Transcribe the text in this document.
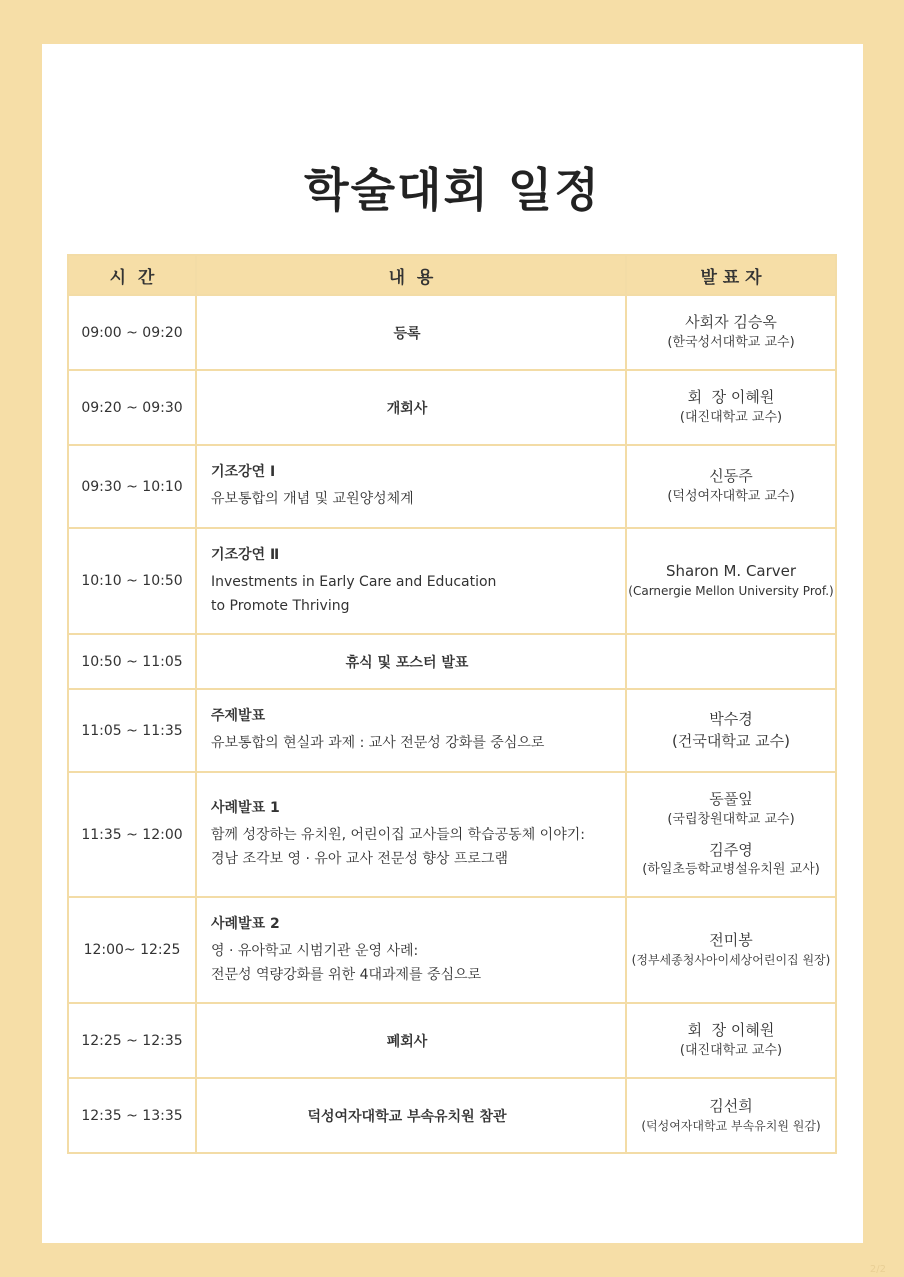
학술대회 일정
시  간	내  용	발 표 자
09:00 ~ 09:20	등록	사회자 김승옥
(한국성서대학교 교수)

09:20 ~ 09:30	개회사	회  장 이혜원
(대진대학교 교수)

09:30 ~ 10:10	기조강연 Ⅰ
유보통합의 개념 및 교원양성체계	신동주
(덕성여자대학교 교수)

10:10 ~ 10:50	기조강연 Ⅱ
Investments in Early Care and Education
to Promote Thriving	Sharon M. Carver
(Carnergie Mellon University Prof.)

10:50 ~ 11:05	휴식 및 포스터 발표	
11:05 ~ 11:35	주제발표
유보통합의 현실과 과제 : 교사 전문성 강화를 중심으로	박수경
(건국대학교 교수)

11:35 ~ 12:00	사례발표 1
함께 성장하는 유치원, 어린이집 교사들의 학습공동체 이야기:
경남 조각보 영 · 유아 교사 전문성 향상 프로그램	동풀잎
(국립창원대학교 교수)
김주영
(하일초등학교병설유치원 교사)

12:00~ 12:25	사례발표 2
영 · 유아학교 시범기관 운영 사례:
전문성 역량강화를 위한 4대과제를 중심으로	전미봉
(정부세종청사아이세상어린이집 원장)

12:25 ~ 12:35	폐회사	회  장 이혜원
(대진대학교 교수)

12:35 ~ 13:35	덕성여자대학교 부속유치원 참관	김선희
(덕성여자대학교 부속유치원 원감)
2/2
